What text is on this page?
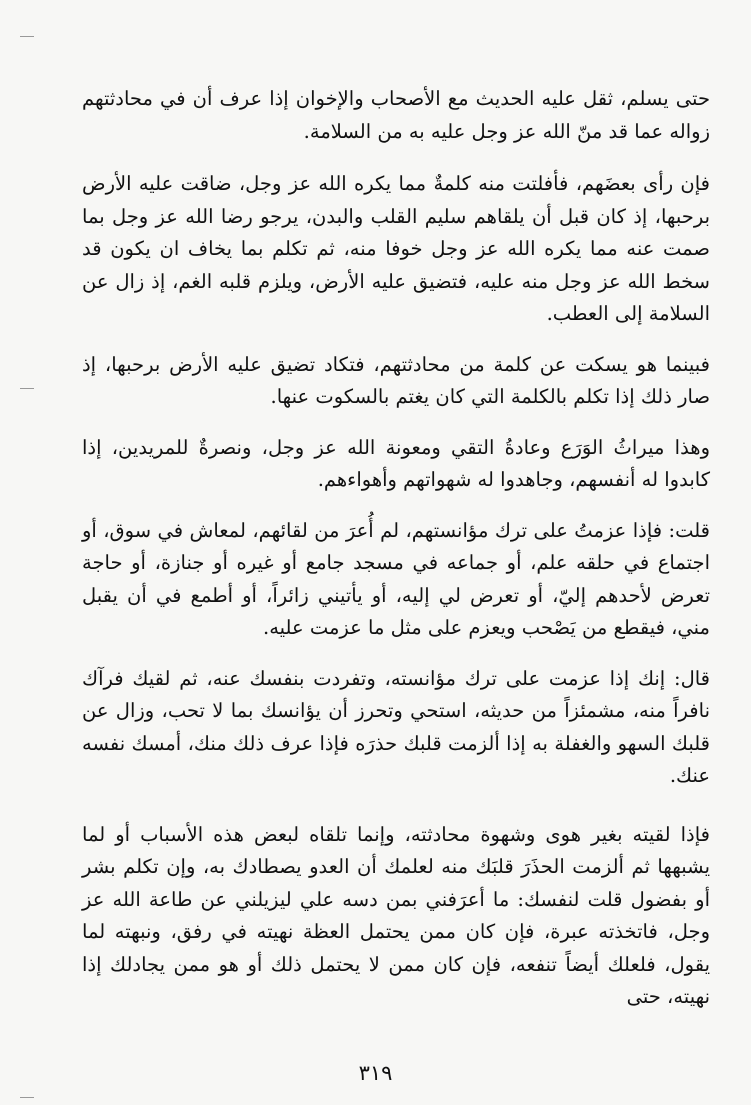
حتى يسلم، ثقل عليه الحديث مع الأصحاب والإخوان إذا عرف أن في محادثتهم زواله عما قد منّ الله عز وجل عليه به من السلامة.

فإن رأى بعضَهم، فأفلتت منه كلمةٌ مما يكره الله عز وجل، ضاقت عليه الأرض برحبها، إذ كان قبل أن يلقاهم سليم القلب والبدن، يرجو رضا الله عز وجل بما صمت عنه مما يكره الله عز وجل خوفا منه، ثم تكلم بما يخاف ان يكون قد سخط الله عز وجل منه عليه، فتضيق عليه الأرض، ويلزم قلبه الغم، إذ زال عن السلامة إلى العطب.

فبينما هو يسكت عن كلمة من محادثتهم، فتكاد تضيق عليه الأرض برحبها، إذ صار ذلك إذا تكلم بالكلمة التي كان يغتم بالسكوت عنها.

وهذا ميراثُ الوَرَع وعادةُ التقي ومعونة الله عز وجل، ونصرةٌ للمريدين، إذا كابدوا له أنفسهم، وجاهدوا له شهواتهم وأهواءهم.

قلت: فإذا عزمتُ على ترك مؤانستهم، لم أُعرَ من لقائهم، لمعاش في سوق، أو اجتماع في حلقه علم، أو جماعه في مسجد جامع أو غيره أو جنازة، أو حاجة تعرض لأحدهم إليّ، أو تعرض لي إليه، أو يأتيني زائراً، أو أطمع في أن يقبل مني، فيقطع من يَصْحب ويعزم على مثل ما عزمت عليه.

قال: إنك إذا عزمت على ترك مؤانسته، وتفردت بنفسك عنه، ثم لقيك فرآك نافراً منه، مشمئزاً من حديثه، استحي وتحرز أن يؤانسك بما لا تحب، وزال عن قلبك السهو والغفلة به إذا ألزمت قلبك حذرَه فإذا عرف ذلك منك، أمسك نفسه عنك.

فإذا لقيته بغير هوى وشهوة محادثته، وإنما تلقاه لبعض هذه الأسباب أو لما يشبهها ثم ألزمت الحذَرَ قلبَك منه لعلمك أن العدو يصطادك به، وإن تكلم بشر أو بفضول قلت لنفسك: ما أعرَفني بمن دسه علي ليزيلني عن طاعة الله عز وجل، فاتخذته عبرة، فإن كان ممن يحتمل العظة نهيته في رفق، ونبهته لما يقول، فلعلك أيضاً تنفعه، فإن كان ممن لا يحتمل ذلك أو هو ممن يجادلك إذا نهيته، حتى

٣١٩
